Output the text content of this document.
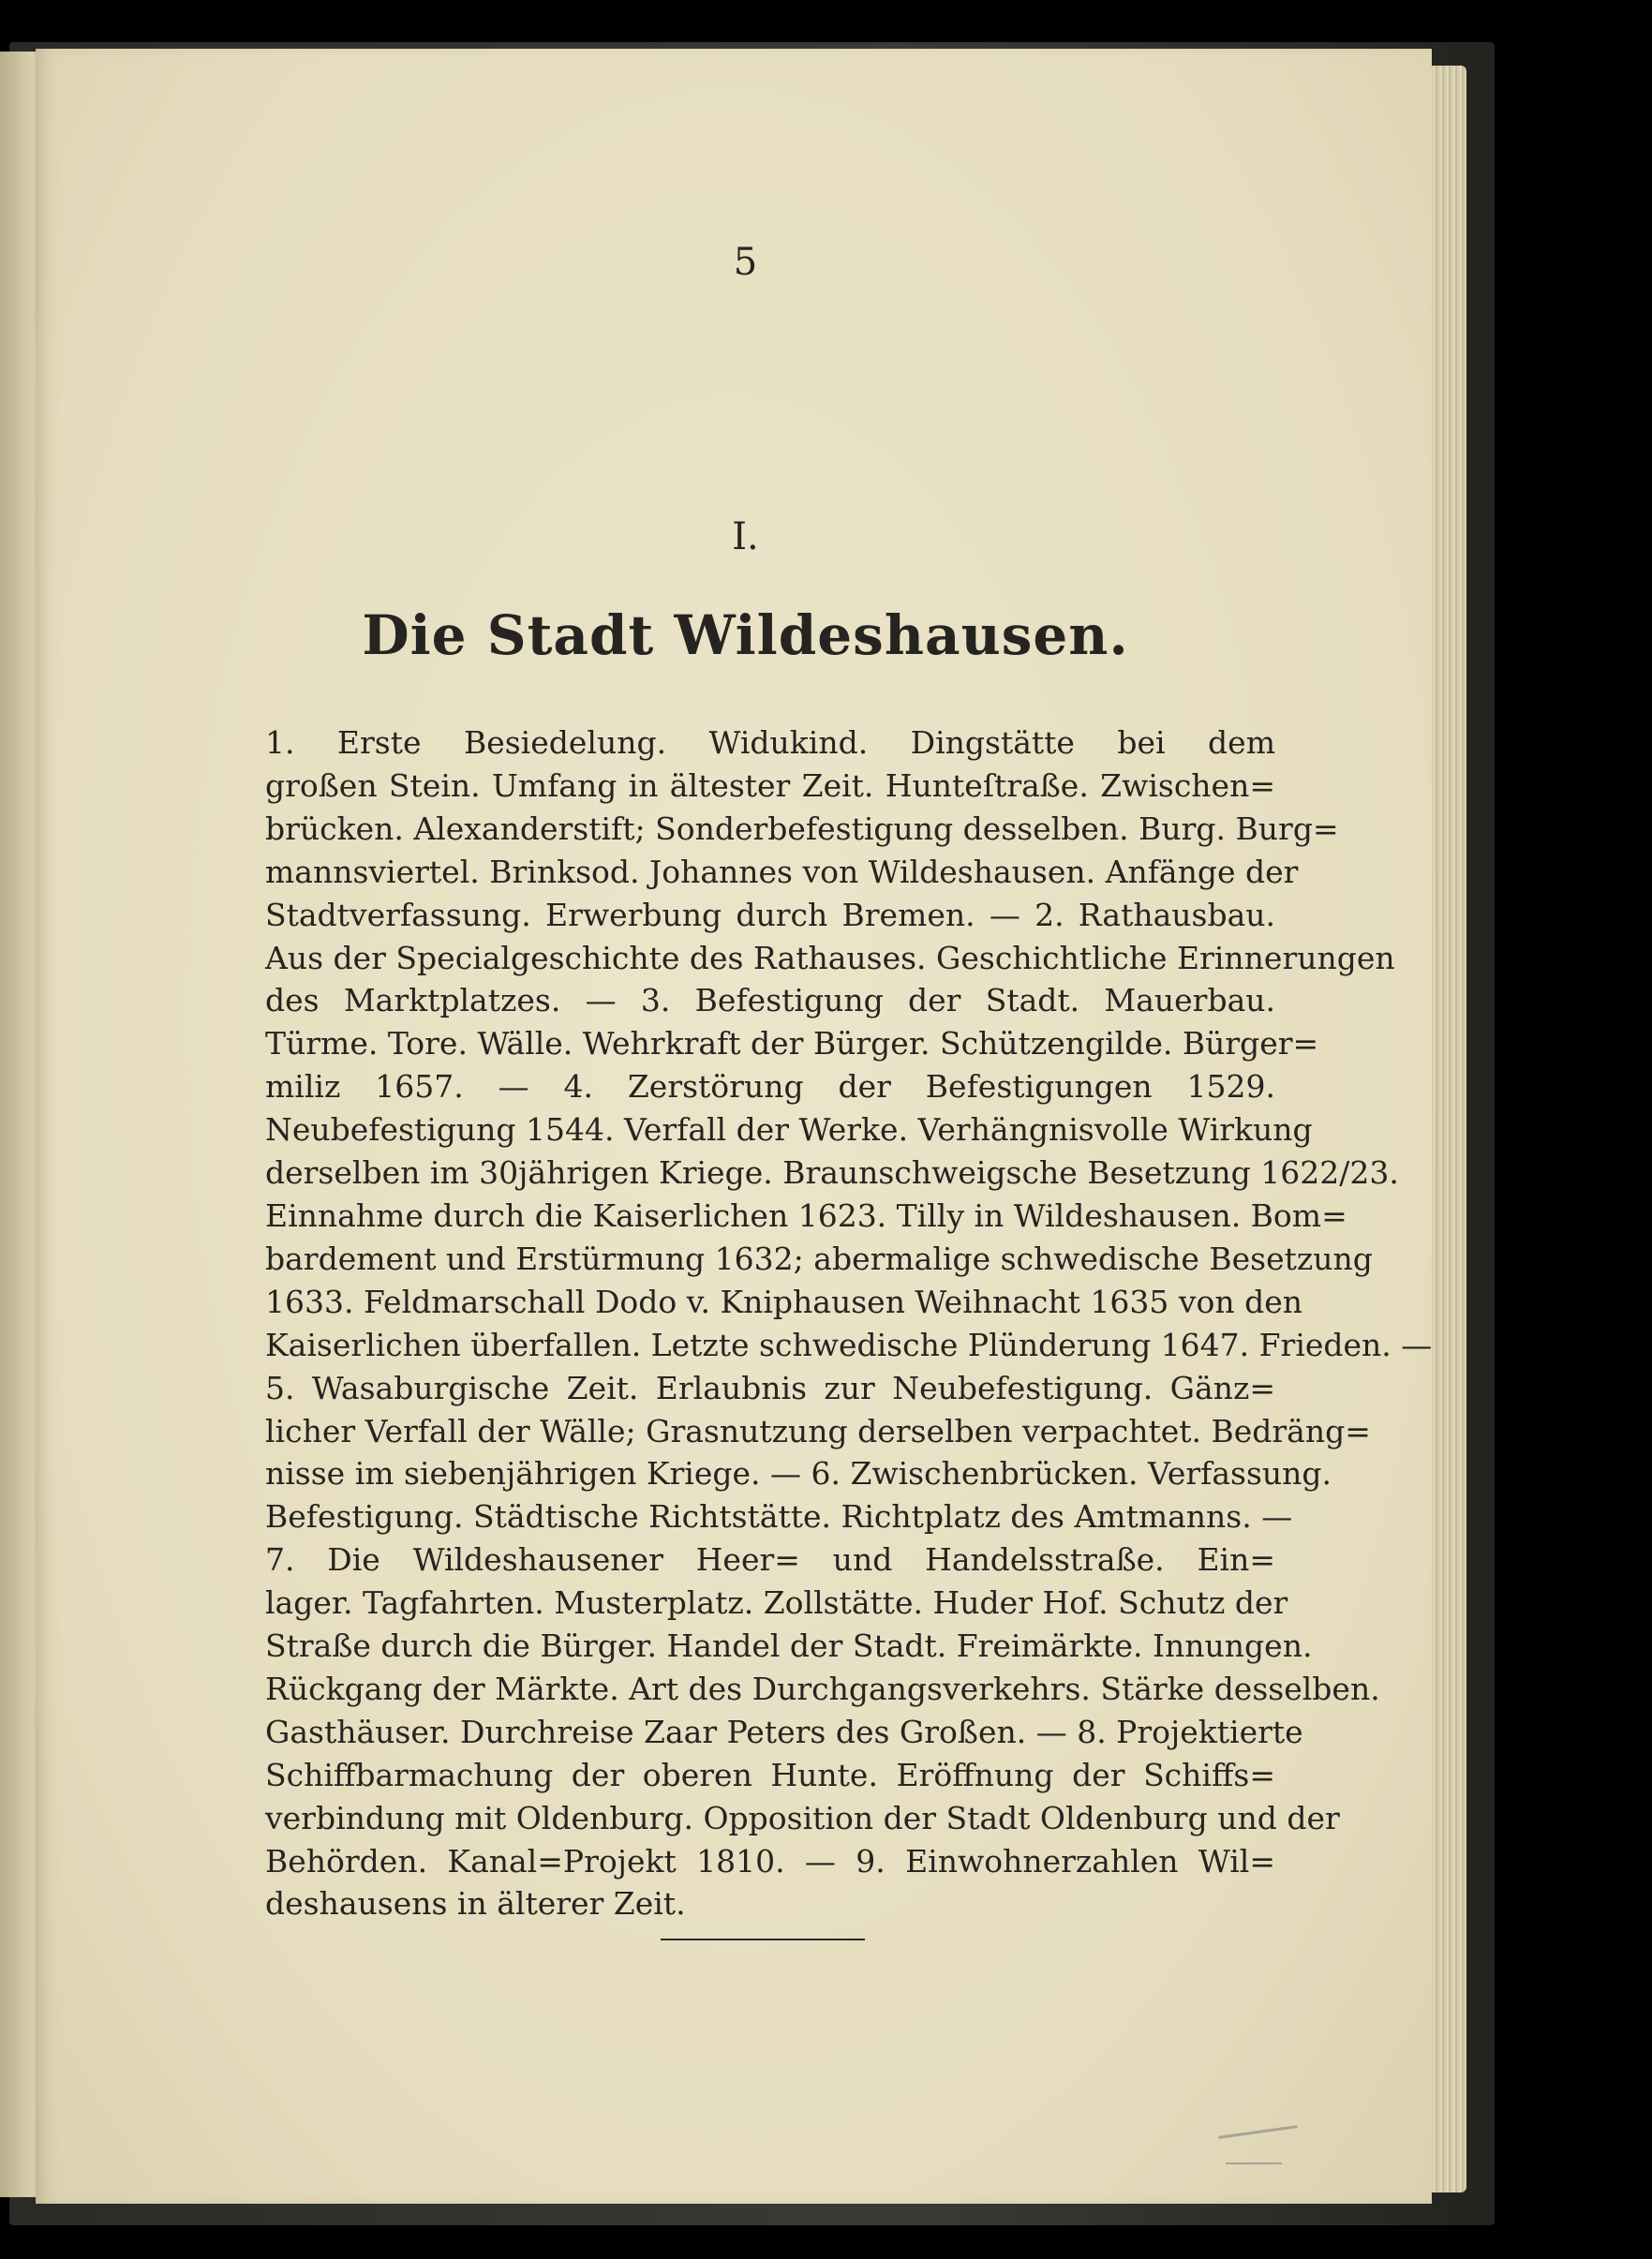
5
I.
Die Stadt Wildeshausen.
1. Erste Besiedelung. Widukind. Dingstätte bei dem
großen Stein. Umfang in ältester Zeit. Hunteſtraße. Zwischen=
brücken. Alexanderstift; Sonderbefestigung desselben. Burg. Burg=
mannsviertel. Brinksod. Johannes von Wildeshausen. Anfänge der
Stadtverfassung. Erwerbung durch Bremen. — 2. Rathausbau.
Aus der Specialgeschichte des Rathauses. Geschichtliche Erinnerungen
des Marktplatzes. — 3. Befestigung der Stadt. Mauerbau.
Türme. Tore. Wälle. Wehrkraft der Bürger. Schützengilde. Bürger=
miliz 1657. — 4. Zerstörung der Befestigungen 1529.
Neubefestigung 1544. Verfall der Werke. Verhängnisvolle Wirkung
derselben im 30jährigen Kriege. Braunschweigsche Besetzung 1622/23.
Einnahme durch die Kaiserlichen 1623. Tilly in Wildeshausen. Bom=
bardement und Erstürmung 1632; abermalige schwedische Besetzung
1633. Feldmarschall Dodo v. Kniphausen Weihnacht 1635 von den
Kaiserlichen überfallen. Letzte schwedische Plünderung 1647. Frieden. —
5. Wasaburgische Zeit. Erlaubnis zur Neubefestigung. Gänz=
licher Verfall der Wälle; Grasnutzung derselben verpachtet. Bedräng=
nisse im siebenjährigen Kriege. — 6. Zwischenbrücken. Verfassung.
Befestigung. Städtische Richtstätte. Richtplatz des Amtmanns. —
7. Die Wildeshausener Heer= und Handelsstraße. Ein=
lager. Tagfahrten. Musterplatz. Zollstätte. Huder Hof. Schutz der
Straße durch die Bürger. Handel der Stadt. Freimärkte. Innungen.
Rückgang der Märkte. Art des Durchgangsverkehrs. Stärke desselben.
Gasthäuser. Durchreise Zaar Peters des Großen. — 8. Projektierte
Schiffbarmachung der oberen Hunte. Eröffnung der Schiffs=
verbindung mit Oldenburg. Opposition der Stadt Oldenburg und der
Behörden. Kanal=Projekt 1810. — 9. Einwohnerzahlen Wil=
deshausens in älterer Zeit.
